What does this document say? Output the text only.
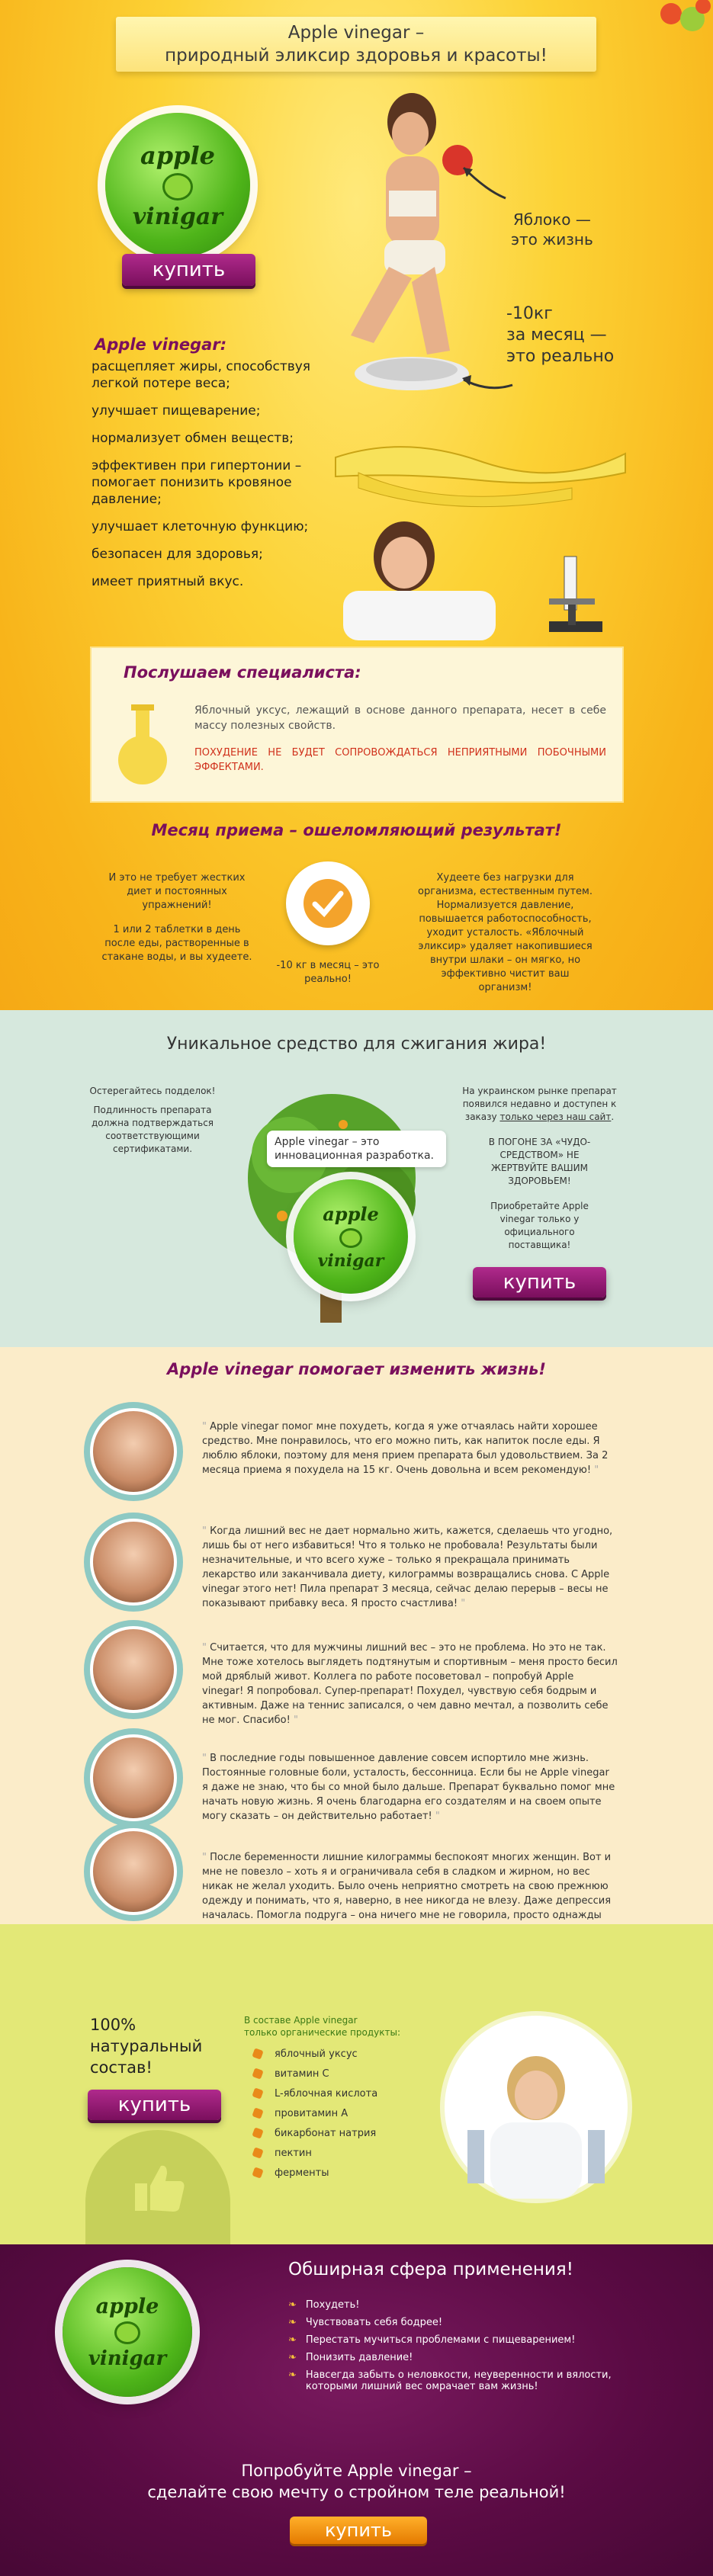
Apple vinegar –
природный эликсир здоровья и красоты!
apple
vinigar
купить
Яблоко —
это жизнь
-10кг
за месяц —
это реально
Apple vinegar:
расщепляет жиры, способствуя легкой потере веса;
улучшает пищеварение;
нормализует обмен веществ;
эффективен при гипертонии – помогает понизить кровяное давление;
улучшает клеточную функцию;
безопасен для здоровья;
имеет приятный вкус.
Послушаем специалиста:
Яблочный уксус, лежащий в основе данного препарата, несет в себе массу полезных свойств.
ПОХУДЕНИЕ НЕ БУДЕТ СОПРОВОЖДАТЬСЯ НЕПРИЯТНЫМИ ПОБОЧНЫМИ ЭФФЕКТАМИ.
Месяц приема – ошеломляющий результат!
И это не требует жестких диет и постоянных упражнений!
1 или 2 таблетки в день после еды, растворенные в стакане воды, и вы худеете.
-10 кг в месяц – это реально!
Худеете без нагрузки для организма, естественным путем. Нормализуется давление, повышается работоспособность, уходит усталость. «Яблочный эликсир» удаляет накопившиеся внутри шлаки – он мягко, но эффективно чистит ваш организм!
Уникальное средство для сжигания жира!
Остерегайтесь подделок!
Подлинность препарата должна подтверждаться соответствующими сертификатами.
Apple vinegar – это инновационная разработка.
apple
vinigar
На украинском рынке препарат появился недавно и доступен к заказу только через наш сайт.
В ПОГОНЕ ЗА «ЧУДО-СРЕДСТВОМ» НЕ ЖЕРТВУЙТЕ ВАШИМ ЗДОРОВЬЕМ!
Приобретайте Apple vinegar только у официального поставщика!
купить
Apple vinegar помогает изменить жизнь!
" Apple vinegar помог мне похудеть, когда я уже отчаялась найти хорошее средство. Мне понравилось, что его можно пить, как напиток после еды. Я люблю яблоки, поэтому для меня прием препарата был удовольствием. За 2 месяца приема я похудела на 15 кг. Очень довольна и всем рекомендую! "
" Когда лишний вес не дает нормально жить, кажется, сделаешь что угодно, лишь бы от него избавиться! Что я только не пробовала! Результаты были незначительные, и что всего хуже – только я прекращала принимать лекарство или заканчивала диету, килограммы возвращались снова. С Apple vinegar этого нет! Пила препарат 3 месяца, сейчас делаю перерыв – весы не показывают прибавку веса. Я просто счастлива! "
" Считается, что для мужчины лишний вес – это не проблема. Но это не так. Мне тоже хотелось выглядеть подтянутым и спортивным – меня просто бесил мой дряблый живот. Коллега по работе посоветовал – попробуй Apple vinegar! Я попробовал. Супер-препарат! Похудел, чувствую себя бодрым и активным. Даже на теннис записался, о чем давно мечтал, а позволить себе не мог. Спасибо! "
" В последние годы повышенное давление совсем испортило мне жизнь. Постоянные головные боли, усталость, бессонница. Если бы не Apple vinegar я даже не знаю, что бы со мной было дальше. Препарат буквально помог мне начать новую жизнь. Я очень благодарна его создателям и на своем опыте могу сказать – он действительно работает! "
" После беременности лишние килограммы беспокоят многих женщин. Вот и мне не повезло – хоть я и ограничивала себя в сладком и жирном, но вес никак не желал уходить. Было очень неприятно смотреть на свою прежнюю одежду и понимать, что я, наверно, в нее никогда не влезу. Даже депрессия началась. Помогла подруга – она ничего мне не говорила, просто однажды
100%
натуральный
состав!
купить
В составе Apple vinegar
только органические продукты:
яблочный уксус
витамин C
L-яблочная кислота
провитамин A
бикарбонат натрия
пектин
ферменты
apple
vinigar
Обширная сфера применения!
❧ Похудеть!
❧ Чувствовать себя бодрее!
❧ Перестать мучиться проблемами с пищеварением!
❧ Понизить давление!
❧ Навсегда забыть о неловкости, неуверенности и вялости, которыми лишний вес омрачает вам жизнь!
Попробуйте Apple vinegar –
сделайте свою мечту о стройном теле реальной!
купить
